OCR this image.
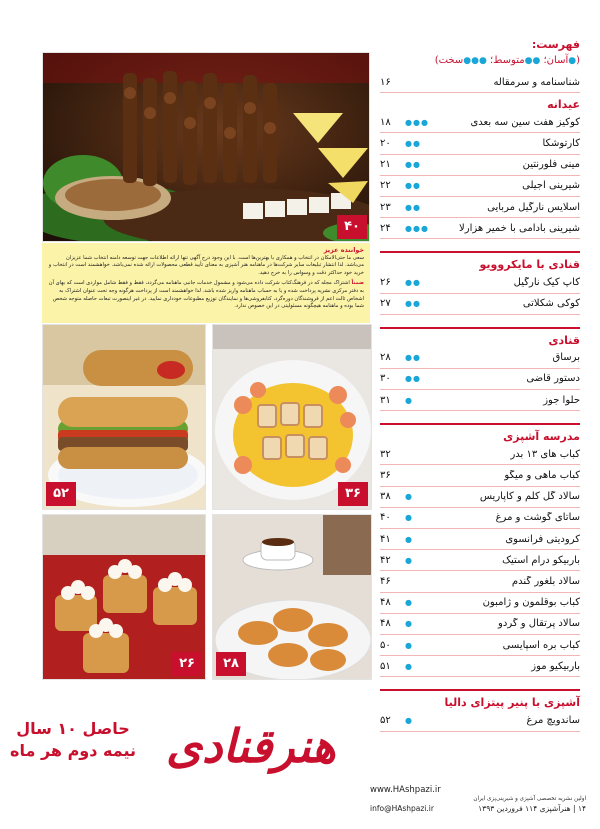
فهرست:
(●آسان؛ ●●متوسط؛ ●●●سخت)
شناسنامه و سرمقاله
۱۶
عیدانه
کوکیز هفت سین سه بعدی
●●●
۱۸
کارتوشکا
●●
۲۰
مینی فلورنتین
●●
۲۱
شیرینی آجیلی
●●
۲۲
اسلایس نارگیل مربایی
●●
۲۳
شیرینی بادامی با خمیر هزارلا
●●●
۲۴
قنادی با مایکروویو
کاپ کیک نارگیل
●●
۲۶
کوکی شکلاتی
●●
۲۷
قنادی
برساق
●●
۲۸
دستور قاضی
●●
۳۰
حلوا جوز
●
۳۱
مدرسه آشپزی
کباب های ۱۳ بدر
۳۲
کباب ماهی و میگو
۳۶
سالاد گل کلم و کاپاریس
●
۳۸
ساتای گوشت و مرغ
●
۴۰
کرودیتی فرانسوی
●
۴۱
باربیکو درام استیک
●
۴۲
سالاد بلغور گندم
۴۶
کباب بوقلمون و ژامبون
●
۴۸
سالاد پرتقال و گردو
●
۴۸
کباب بره اسپایسی
●
۵۰
باربیکیو موز
●
۵۱
آشپزی با پنیر پیتزای دالیا
ساندویچ مرغ
●
۵۲
۴۰
خواننده عزیز
سعی ما حتی‌الامکان در انتخاب و همکاری با بهترین‌ها است. با این وجود درج آگهی تنها ارائه اطلاعات جهت توسعه دامنه انتخاب شما عزیزان می‌باشد. لذا انتشار تبلیغات سایر شرکت‌ها در ماهنامه هنر آشپزی به معنای تأیید قطعی محصولات ارائه شده نمی‌باشد. خواهشمند است در انتخاب و خرید خود حداکثر دقت و وسواس را به خرج دهید.
ضمناً اشتراک مجله که در فرهنگ‌کتاب شرکت داده می‌شود و مشمول خدمات جانبی ماهنامه می‌گردد، فقط و فقط شامل مواردی است که بهای آن به دفتر مرکزی نشریه پرداخت شده و یا به حساب ماهنامه واریز شده باشد. لذا خواهشمند است از پرداخت هرگونه وجه تحت عنوان اشتراک به اشخاص ثالث اعم از فروشندگان دوره‌گرد، کتابفروشی‌ها و نمایندگان توزیع مطبوعات خودداری نمایید. در غیر اینصورت تبعات حاصله متوجه شخص شما بوده و ماهنامه هیچگونه مسئولیتی در این خصوص ندارد.
۵۲	۳۶
۲۶	۲۸
هنرقنادی
حاصل ۱۰ سال
نیمه دوم هر ماه
www.HAshpazi.ir
اولین نشریه تخصصی آشپزی و شیرینی‌پزی ایران
۱۴ | هنرآشپزی ۱۱۴ فروردین ۱۳۹۳
info@HAshpazi.ir
